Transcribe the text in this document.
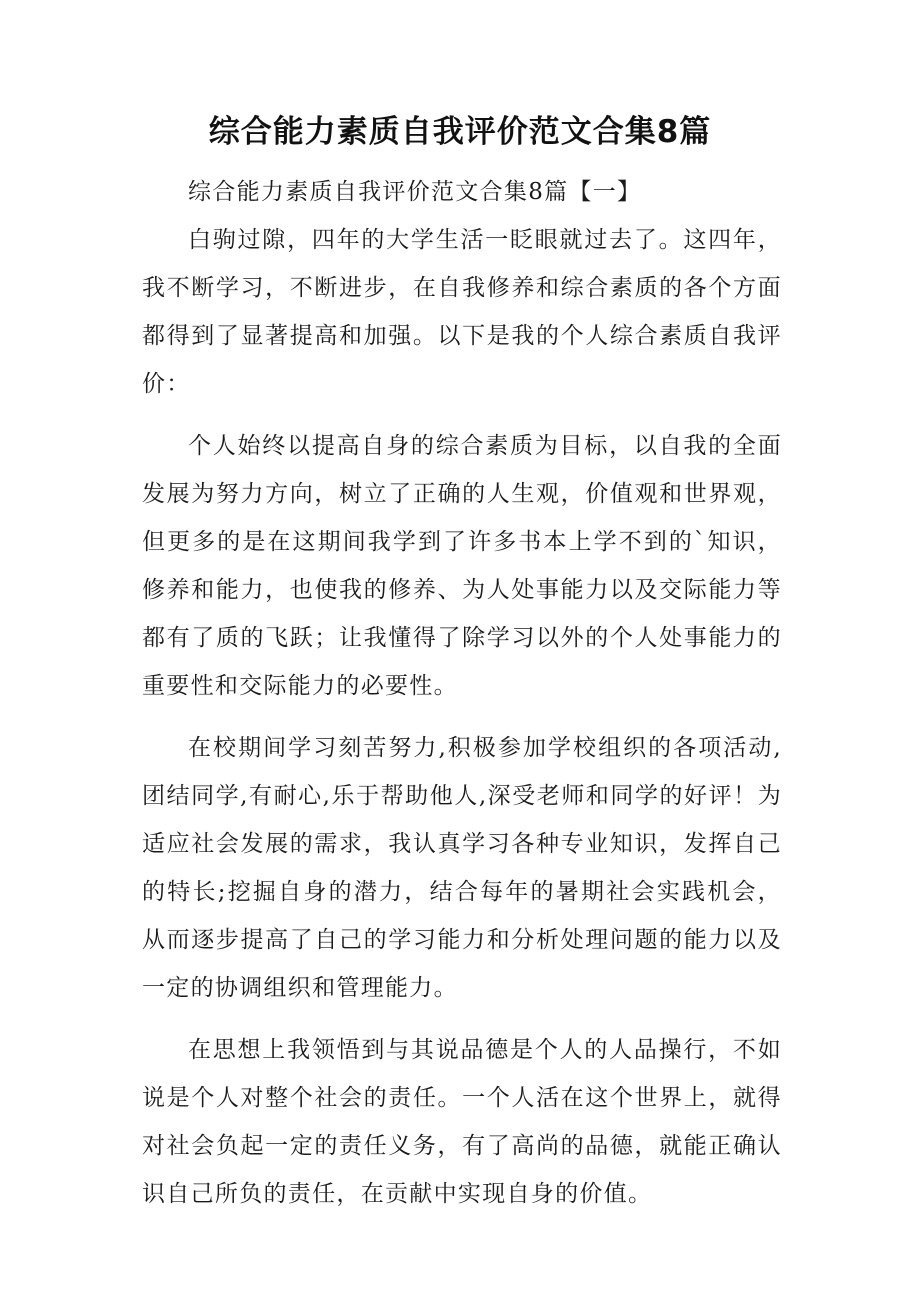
综合能力素质自我评价范文合集8篇

综合能力素质自我评价范文合集8篇【一】

白驹过隙，四年的大学生活一眨眼就过去了。这四年，我不断学习，不断进步，在自我修养和综合素质的各个方面都得到了显著提高和加强。以下是我的个人综合素质自我评价：

个人始终以提高自身的综合素质为目标，以自我的全面发展为努力方向，树立了正确的人生观，价值观和世界观，但更多的是在这期间我学到了许多书本上学不到的`知识，修养和能力，也使我的修养、为人处事能力以及交际能力等都有了质的飞跃；让我懂得了除学习以外的个人处事能力的重要性和交际能力的必要性。

在校期间学习刻苦努力,积极参加学校组织的各项活动,团结同学,有耐心,乐于帮助他人,深受老师和同学的好评！为适应社会发展的需求，我认真学习各种专业知识，发挥自己的特长;挖掘自身的潜力，结合每年的暑期社会实践机会，从而逐步提高了自己的学习能力和分析处理问题的能力以及一定的协调组织和管理能力。

在思想上我领悟到与其说品德是个人的人品操行，不如说是个人对整个社会的责任。一个人活在这个世界上，就得对社会负起一定的责任义务，有了高尚的品德，就能正确认识自己所负的责任，在贡献中实现自身的价值。
